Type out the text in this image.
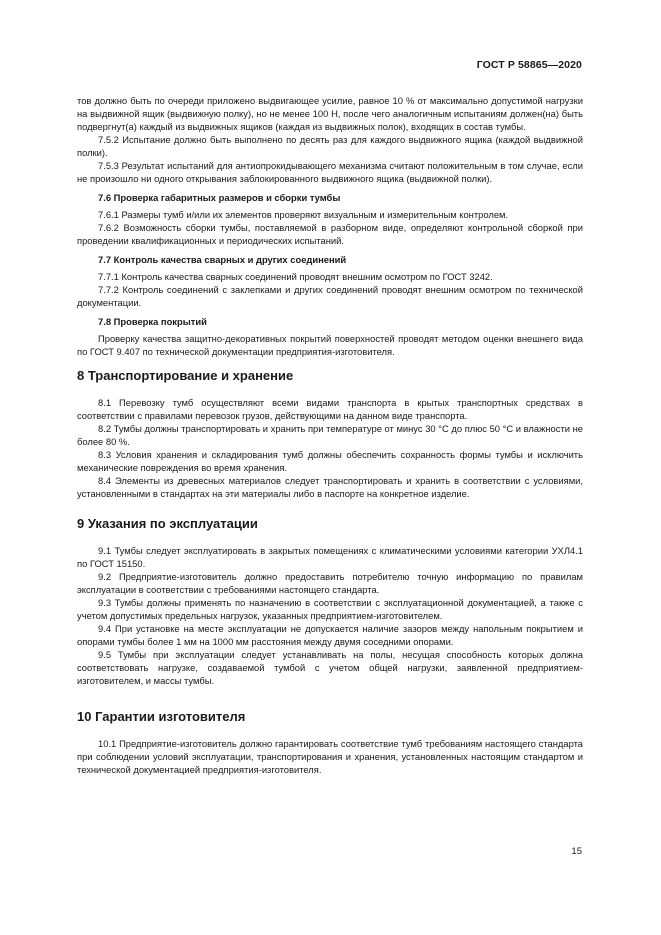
ГОСТ Р 58865—2020

тов должно быть по очереди приложено выдвигающее усилие, равное 10 % от максимально допустимой нагрузки на выдвижной ящик (выдвижную полку), но не менее 100 Н, после чего аналогичным испытаниям должен(на) быть подвергнут(а) каждый из выдвижных ящиков (каждая из выдвижных полок), входящих в состав тумбы.

7.5.2 Испытание должно быть выполнено по десять раз для каждого выдвижного ящика (каждой выдвижной полки).

7.5.3 Результат испытаний для антиопрокидывающего механизма считают положительным в том случае, если не произошло ни одного открывания заблокированного выдвижного ящика (выдвижной полки).

7.6 Проверка габаритных размеров и сборки тумбы

7.6.1 Размеры тумб и/или их элементов проверяют визуальным и измерительным контролем.

7.6.2 Возможность сборки тумбы, поставляемой в разборном виде, определяют контрольной сборкой при проведении квалификационных и периодических испытаний.

7.7 Контроль качества сварных и других соединений

7.7.1 Контроль качества сварных соединений проводят внешним осмотром по ГОСТ 3242.

7.7.2 Контроль соединений с заклепками и других соединений проводят внешним осмотром по технической документации.

7.8 Проверка покрытий

Проверку качества защитно-декоративных покрытий поверхностей проводят методом оценки внешнего вида по ГОСТ 9.407 по технической документации предприятия-изготовителя.

8 Транспортирование и хранение

8.1 Перевозку тумб осуществляют всеми видами транспорта в крытых транспортных средствах в соответствии с правилами перевозок грузов, действующими на данном виде транспорта.

8.2 Тумбы должны транспортировать и хранить при температуре от минус 30 °С до плюс 50 °С и влажности не более 80 %.

8.3 Условия хранения и складирования тумб должны обеспечить сохранность формы тумбы и исключить механические повреждения во время хранения.

8.4 Элементы из древесных материалов следует транспортировать и хранить в соответствии с условиями, установленными в стандартах на эти материалы либо в паспорте на конкретное изделие.

9 Указания по эксплуатации

9.1 Тумбы следует эксплуатировать в закрытых помещениях с климатическими условиями категории УХЛ4.1 по ГОСТ 15150.

9.2 Предприятие-изготовитель должно предоставить потребителю точную информацию по правилам эксплуатации в соответствии с требованиями настоящего стандарта.

9.3 Тумбы должны применять по назначению в соответствии с эксплуатационной документацией, а также с учетом допустимых предельных нагрузок, указанных предприятием-изготовителем.

9.4 При установке на месте эксплуатации не допускается наличие зазоров между напольным покрытием и опорами тумбы более 1 мм на 1000 мм расстояния между двумя соседними опорами.

9.5 Тумбы при эксплуатации следует устанавливать на полы, несущая способность которых должна соответствовать нагрузке, создаваемой тумбой с учетом общей нагрузки, заявленной предприятием-изготовителем, и массы тумбы.

10 Гарантии изготовителя

10.1 Предприятие-изготовитель должно гарантировать соответствие тумб требованиям настоящего стандарта при соблюдении условий эксплуатации, транспортирования и хранения, установленных настоящим стандартом и технической документацией предприятия-изготовителя.

15
